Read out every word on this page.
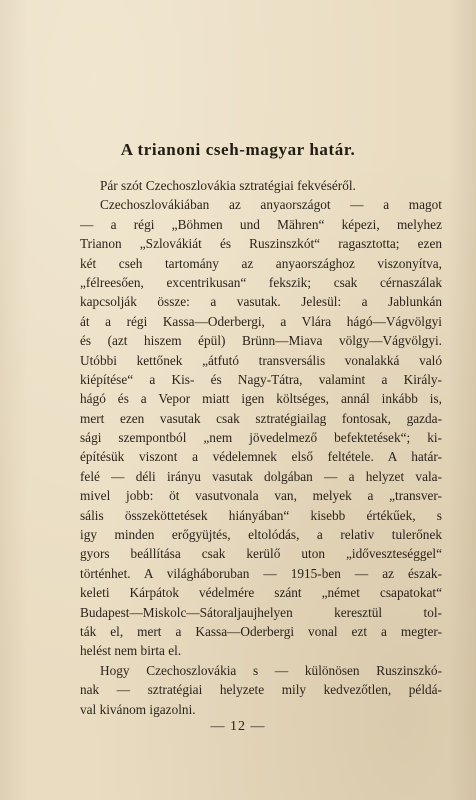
A trianoni cseh-magyar határ.
Pár szót Czechoszlovákia sztratégiai fekvéséről.
Czechoszlovákiában az anyaországot — a magot
— a régi „Böhmen und Mähren“ képezi, melyhez
Trianon „Szlovákiát és Ruszinszkót“ ragasztotta; ezen
két cseh tartomány az anyaországhoz viszonyítva,
„félreesően, excentrikusan“ fekszik; csak cérnaszálak
kapcsolják össze: a vasutak. Jelesül: a Jablunkán
át a régi Kassa—Oderbergi, a Vlára hágó—Vágvölgyi
és (azt hiszem épül) Brünn—Miava völgy—Vágvölgyi.
Utóbbi kettőnek „átfutó transversális vonalakká való
kiépítése“ a Kis- és Nagy-Tátra, valamint a Király-
hágó és a Vepor miatt igen költséges, annál inkább is,
mert ezen vasutak csak sztratégiailag fontosak, gazda-
sági szempontból „nem jövedelmező befektetések“; ki-
építésük viszont a védelemnek első feltétele. A határ-
felé — déli irányu vasutak dolgában — a helyzet vala-
mivel jobb: öt vasutvonala van, melyek a „transver-
sális összeköttetések hiányában“ kisebb értékűek, s
igy minden erőgyüjtés, eltolódás, a relativ tulerőnek
gyors beállítása csak kerülő uton „időveszteséggel“
történhet. A világháboruban — 1915-ben — az észak-
keleti Kárpátok védelmére szánt „német csapatokat“
Budapest—Miskolc—Sátoraljaujhelyen keresztül tol-
ták el, mert a Kassa—Oderbergi vonal ezt a megter-
helést nem birta el.
Hogy Czechoszlovákia s — különösen Ruszinszkó-
nak — sztratégiai helyzete mily kedvezőtlen, példá-
val kivánom igazolni.
— 12 —
